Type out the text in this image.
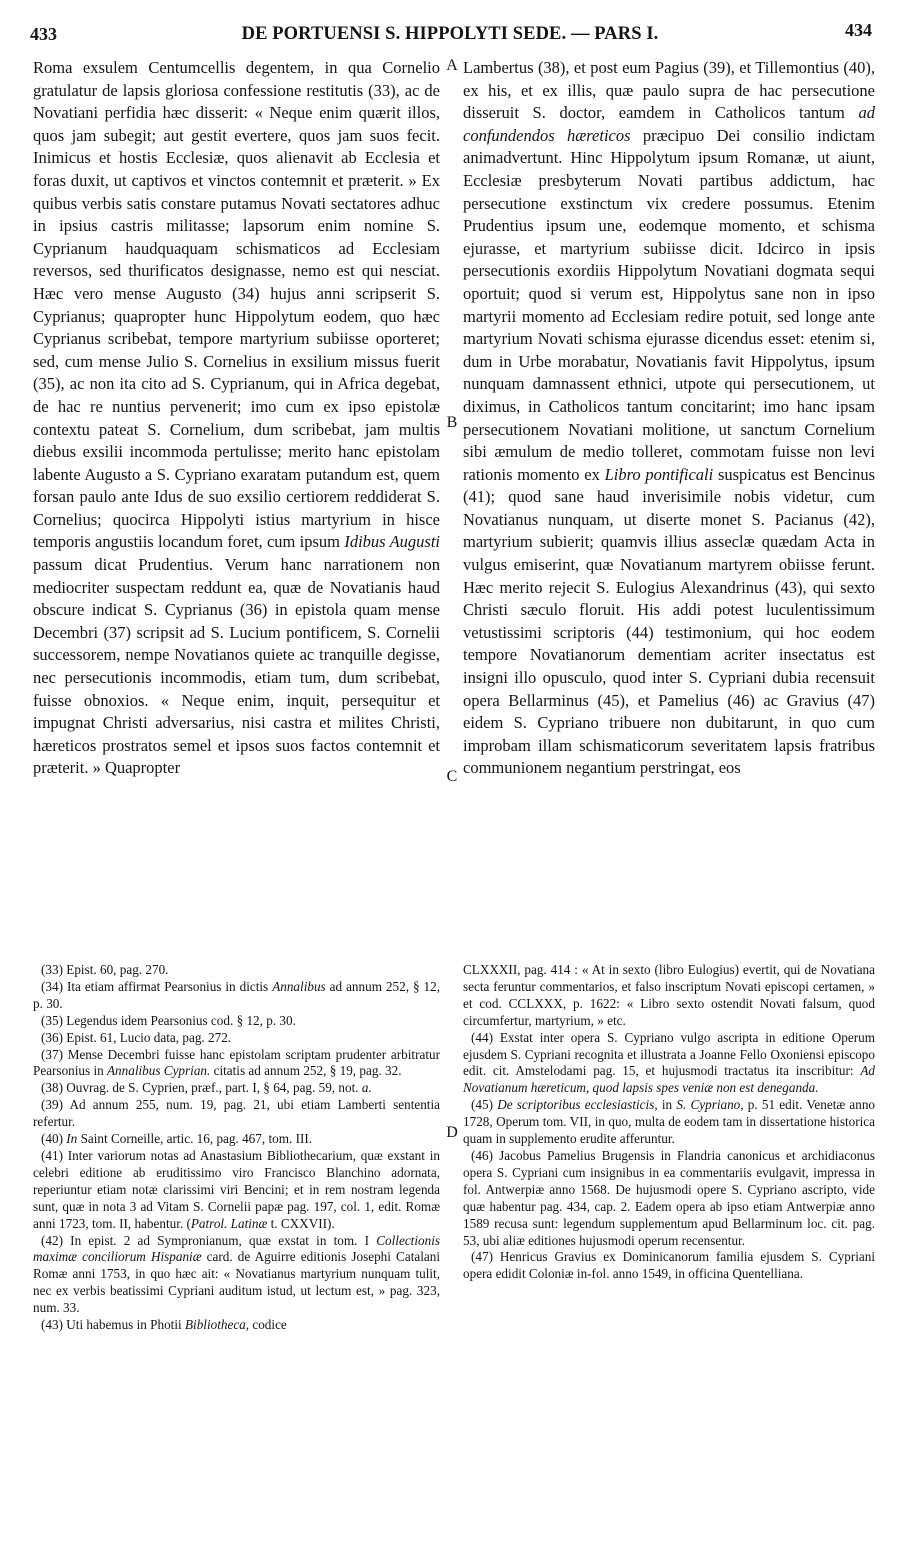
433	DE PORTUENSI S. HIPPOLYTI SEDE. — PARS I.	434

Roma exsulem Centumcellis degentem, in qua Cornelio gratulatur de lapsis gloriosa confessione restitutis (33), ac de Novatiani perfidia hæc disserit: « Neque enim quærit illos, quos jam subegit; aut gestit evertere, quos jam suos fecit. Inimicus et hostis Ecclesiæ, quos alienavit ab Ecclesia et foras duxit, ut captivos et vinctos contemnit et præterit. » Ex quibus verbis satis constare putamus Novati sectatores adhuc in ipsius castris militasse; lapsorum enim nomine S. Cyprianum haudquaquam schismaticos ad Ecclesiam reversos, sed thurificatos designasse, nemo est qui nesciat. Hæc vero mense Augusto (34) hujus anni scripserit S. Cyprianus; quapropter hunc Hippolytum eodem, quo hæc Cyprianus scribebat, tempore martyrium subiisse oporteret; sed, cum mense Julio S. Cornelius in exsilium missus fuerit (35), ac non ita cito ad S. Cyprianum, qui in Africa degebat, de hac re nuntius pervenerit; imo cum ex ipso epistolæ contextu pateat S. Cornelium, dum scribebat, jam multis diebus exsilii incommoda pertulisse; merito hanc epistolam labente Augusto a S. Cypriano exaratam putandum est, quem forsan paulo ante Idus de suo exsilio certiorem reddiderat S. Cornelius; quocirca Hippolyti istius martyrium in hisce temporis angustiis locandum foret, cum ipsum Idibus Augusti passum dicat Prudentius. Verum hanc narrationem non mediocriter suspectam reddunt ea, quæ de Novatianis haud obscure indicat S. Cyprianus (36) in epistola quam mense Decembri (37) scripsit ad S. Lucium pontificem, S. Cornelii successorem, nempe Novatianos quiete ac tranquille degisse, nec persecutionis incommodis, etiam tum, dum scribebat, fuisse obnoxios. « Neque enim, inquit, persequitur et impugnat Christi adversarius, nisi castra et milites Christi, hæreticos prostratos semel et ipsos suos factos contemnit et præterit. » Quapropter

Lambertus (38), et post eum Pagius (39), et Tillemontius (40), ex his, et ex illis, quæ paulo supra de hac persecutione disseruit S. doctor, eamdem in Catholicos tantum ad confundendos hæreticos præcipuo Dei consilio indictam animadvertunt. Hinc Hippolytum ipsum Romanæ, ut aiunt, Ecclesiæ presbyterum Novati partibus addictum, hac persecutione exstinctum vix credere possumus. Etenim Prudentius ipsum une, eodemque momento, et schisma ejurasse, et martyrium subiisse dicit. Idcirco in ipsis persecutionis exordiis Hippolytum Novatiani dogmata sequi oportuit; quod si verum est, Hippolytus sane non in ipso martyrii momento ad Ecclesiam redire potuit, sed longe ante martyrium Novati schisma ejurasse dicendus esset: etenim si, dum in Urbe morabatur, Novatianis favit Hippolytus, ipsum nunquam damnassent ethnici, utpote qui persecutionem, ut diximus, in Catholicos tantum concitarint; imo hanc ipsam persecutionem Novatiani molitione, ut sanctum Cornelium sibi æmulum de medio tolleret, commotam fuisse non levi rationis momento ex Libro pontificali suspicatus est Bencinus (41); quod sane haud inverisimile nobis videtur, cum Novatianus nunquam, ut diserte monet S. Pacianus (42), martyrium subierit; quamvis illius asseclæ quædam Acta in vulgus emiserint, quæ Novatianum martyrem obiisse ferunt. Hæc merito rejecit S. Eulogius Alexandrinus (43), qui sexto Christi sæculo floruit. His addi potest luculentissimum vetustissimi scriptoris (44) testimonium, qui hoc eodem tempore Novatianorum dementiam acriter insectatus est insigni illo opusculo, quod inter S. Cypriani dubia recensuit opera Bellarminus (45), et Pamelius (46) ac Gravius (47) eidem S. Cypriano tribuere non dubitarunt, in quo cum improbam illam schismaticorum severitatem lapsis fratribus communionem negantium perstringat, eos

A
B
C
D

(33) Epist. 60, pag. 270.

(34) Ita etiam affirmat Pearsonius in dictis Annalibus ad annum 252, § 12, p. 30.

(35) Legendus idem Pearsonius cod. § 12, p. 30.

(36) Epist. 61, Lucio data, pag. 272.

(37) Mense Decembri fuisse hanc epistolam scriptam prudenter arbitratur Pearsonius in Annalibus Cyprian. citatis ad annum 252, § 19, pag. 32.

(38) Ouvrag. de S. Cyprien, præf., part. I, § 64, pag. 59, not. a.

(39) Ad annum 255, num. 19, pag. 21, ubi etiam Lamberti sententia refertur.

(40) In Saint Corneille, artic. 16, pag. 467, tom. III.

(41) Inter variorum notas ad Anastasium Bibliothecarium, quæ exstant in celebri editione ab eruditissimo viro Francisco Blanchino adornata, reperiuntur etiam notæ clarissimi viri Bencini; et in rem nostram legenda sunt, quæ in nota 3 ad Vitam S. Cornelii papæ pag. 197, col. 1, edit. Romæ anni 1723, tom. II, habentur. (Patrol. Latinæ t. CXXVII).

(42) In epist. 2 ad Sympronianum, quæ exstat in tom. I Collectionis maximæ conciliorum Hispaniæ card. de Aguirre editionis Josephi Catalani Romæ anni 1753, in quo hæc ait: « Novatianus martyrium nunquam tulit, nec ex verbis beatissimi Cypriani auditum istud, ut lectum est, » pag. 323, num. 33.

(43) Uti habemus in Photii Bibliotheca, codice

CLXXXII, pag. 414 : « At in sexto (libro Eulogius) evertit, qui de Novatiana secta feruntur commentarios, et falso inscriptum Novati episcopi certamen, » et cod. CCLXXX, p. 1622: « Libro sexto ostendit Novati falsum, quod circumfertur, martyrium, » etc.

(44) Exstat inter opera S. Cypriano vulgo ascripta in editione Operum ejusdem S. Cypriani recognita et illustrata a Joanne Fello Oxoniensi episcopo edit. cit. Amstelodami pag. 15, et hujusmodi tractatus ita inscribitur: Ad Novatianum hæreticum, quod lapsis spes veniæ non est deneganda.

(45) De scriptoribus ecclesiasticis, in S. Cypriano, p. 51 edit. Venetæ anno 1728, Operum tom. VII, in quo, multa de eodem tam in dissertatione historica quam in supplemento erudite afferuntur.

(46) Jacobus Pamelius Brugensis in Flandria canonicus et archidiaconus opera S. Cypriani cum insignibus in ea commentariis evulgavit, impressa in fol. Antwerpiæ anno 1568. De hujusmodi opere S. Cypriano ascripto, vide quæ habentur pag. 434, cap. 2. Eadem opera ab ipso etiam Antwerpiæ anno 1589 recusa sunt: legendum supplementum apud Bellarminum loc. cit. pag. 53, ubi aliæ editiones hujusmodi operum recensentur.

(47) Henricus Gravius ex Dominicanorum familia ejusdem S. Cypriani opera edidit Coloniæ in-fol. anno 1549, in officina Quentelliana.
